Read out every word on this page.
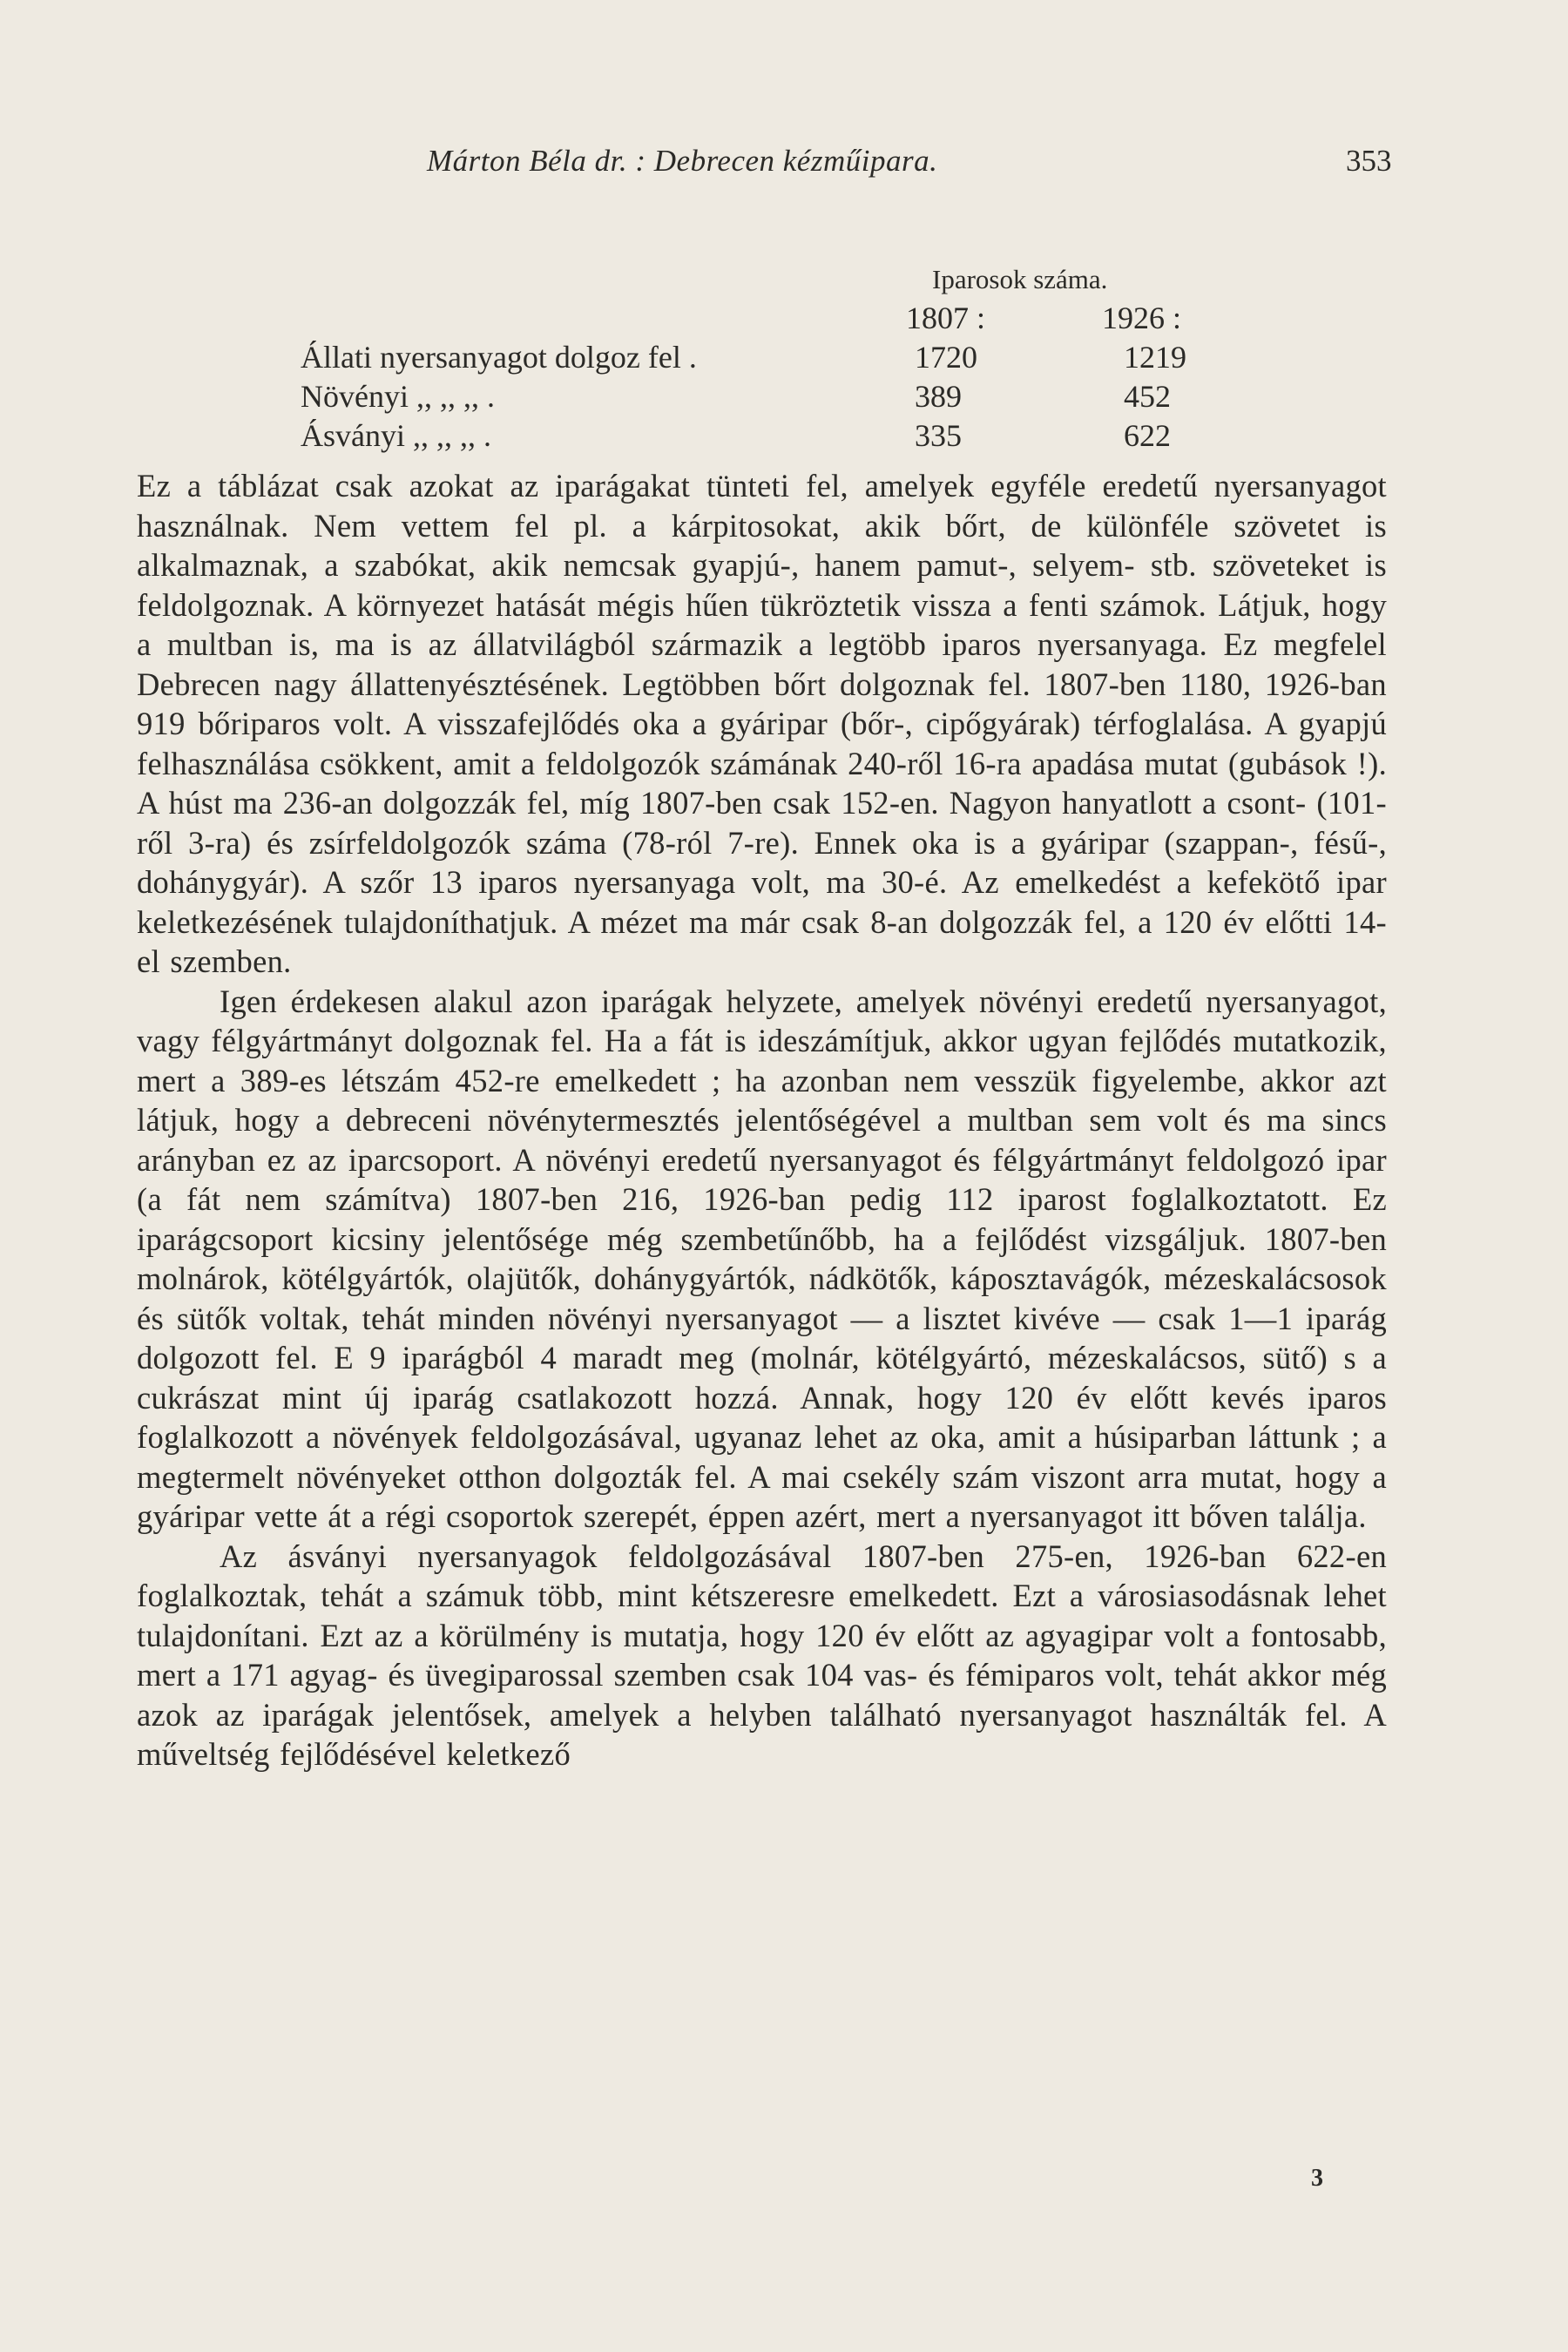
Márton Béla dr. : Debrecen kézműipara.	353
Iparosok száma.
1807 :	1926 :
Állati nyersanyagot dolgoz fel .	1720	1219
Növényi ,, ,, ,, .	389	452
Ásványi ,, ,, ,, .	335	622

Ez a táblázat csak azokat az iparágakat tünteti fel, amelyek egyféle eredetű nyersanyagot használnak. Nem vettem fel pl. a kárpitosokat, akik bőrt, de különféle szövetet is alkalmaznak, a szabókat, akik nemcsak gyapjú-, hanem pamut-, selyem- stb. szöveteket is feldolgoznak. A környezet hatását mégis hűen tükröztetik vissza a fenti számok. Látjuk, hogy a multban is, ma is az állatvilágból származik a legtöbb iparos nyersanyaga. Ez megfelel Debrecen nagy állattenyésztésének. Legtöbben bőrt dolgoznak fel. 1807-ben 1180, 1926-ban 919 bőriparos volt. A visszafejlődés oka a gyáripar (bőr-, cipőgyárak) térfoglalása. A gyapjú felhasználása csökkent, amit a feldolgozók számának 240-ről 16-ra apadása mutat (gubások !). A húst ma 236-an dolgozzák fel, míg 1807-ben csak 152-en. Nagyon hanyatlott a csont- (101-ről 3-ra) és zsírfeldolgozók száma (78-ról 7-re). Ennek oka is a gyáripar (szappan-, fésű-, dohánygyár). A szőr 13 iparos nyersanyaga volt, ma 30-é. Az emelkedést a kefekötő ipar keletkezésének tulajdoníthatjuk. A mézet ma már csak 8-an dolgozzák fel, a 120 év előtti 14-el szemben.

Igen érdekesen alakul azon iparágak helyzete, amelyek növényi eredetű nyersanyagot, vagy félgyártmányt dolgoznak fel. Ha a fát is ideszámítjuk, akkor ugyan fejlődés mutatkozik, mert a 389-es létszám 452-re emelkedett ; ha azonban nem vesszük figyelembe, akkor azt látjuk, hogy a debreceni növénytermesztés jelentőségével a multban sem volt és ma sincs arányban ez az iparcsoport. A növényi eredetű nyersanyagot és félgyártmányt feldolgozó ipar (a fát nem számítva) 1807-ben 216, 1926-ban pedig 112 iparost foglalkoztatott. Ez iparágcsoport kicsiny jelentősége még szembetűnőbb, ha a fejlődést vizsgáljuk. 1807-ben molnárok, kötélgyártók, olajütők, dohánygyártók, nádkötők, káposztavágók, mézeskalácsosok és sütők voltak, tehát minden növényi nyersanyagot — a lisztet kivéve — csak 1—1 iparág dolgozott fel. E 9 iparágból 4 maradt meg (molnár, kötélgyártó, mézeskalácsos, sütő) s a cukrászat mint új iparág csatlakozott hozzá. Annak, hogy 120 év előtt kevés iparos foglalkozott a növények feldolgozásával, ugyanaz lehet az oka, amit a húsiparban láttunk ; a megtermelt növényeket otthon dolgozták fel. A mai csekély szám viszont arra mutat, hogy a gyáripar vette át a régi csoportok szerepét, éppen azért, mert a nyersanyagot itt bőven találja.

Az ásványi nyersanyagok feldolgozásával 1807-ben 275-en, 1926-ban 622-en foglalkoztak, tehát a számuk több, mint kétszeresre emelkedett. Ezt a városiasodásnak lehet tulajdonítani. Ezt az a körülmény is mutatja, hogy 120 év előtt az agyagipar volt a fontosabb, mert a 171 agyag- és üvegiparossal szemben csak 104 vas- és fémiparos volt, tehát akkor még azok az iparágak jelentősek, amelyek a helyben található nyersanyagot használták fel. A műveltség fejlődésével keletkező

3
